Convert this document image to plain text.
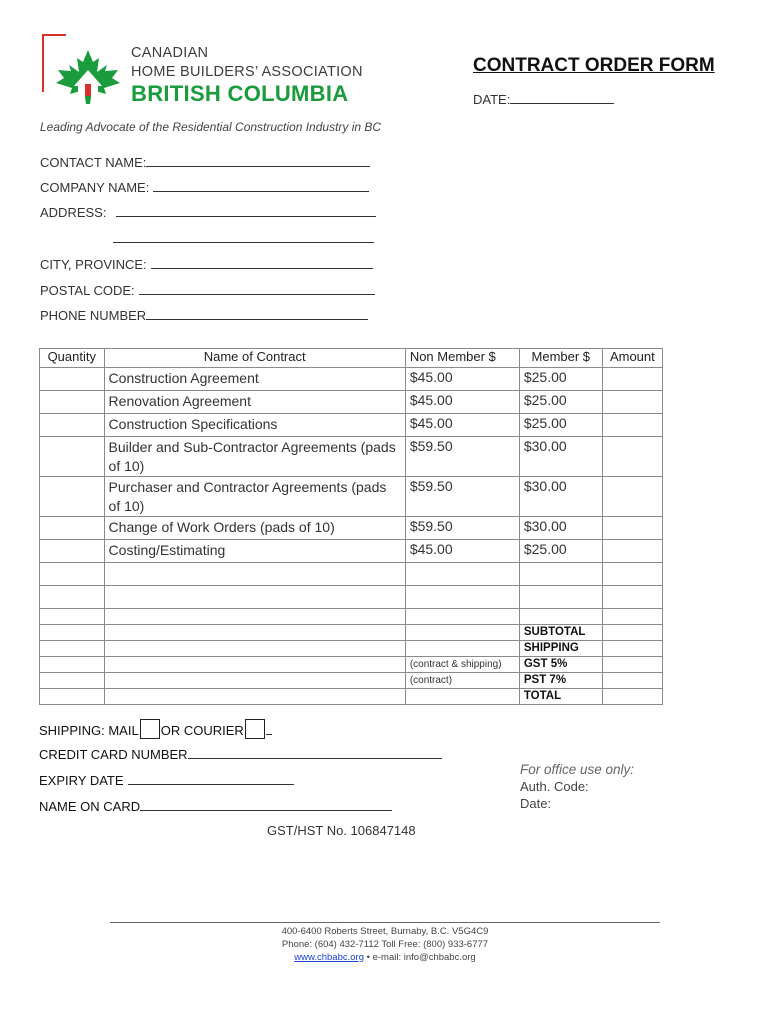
CANADIAN
HOME BUILDERS’ ASSOCIATION
BRITISH COLUMBIA
Leading Advocate of the Residential Construction Industry in BC
CONTRACT ORDER FORM
DATE:
CONTACT NAME:
COMPANY NAME:
ADDRESS:
CITY, PROVINCE:
POSTAL CODE:
PHONE NUMBER
Quantity	Name of Contract	Non Member $	Member $	Amount
	Construction Agreement	$45.00	$25.00	
	Renovation Agreement	$45.00	$25.00	
	Construction Specifications	$45.00	$25.00	
	Builder and Sub-Contractor Agreements (pads of 10)	$59.50	$30.00	
	Purchaser and Contractor Agreements (pads of 10)	$59.50	$30.00	
	Change of Work Orders (pads of 10)	$59.50	$30.00	
	Costing/Estimating	$45.00	$25.00	

			SUBTOTAL	
			SHIPPING	
		(contract & shipping)	GST 5%	
		(contract)	PST 7%	
			TOTAL	
SHIPPING: MAIL OR COURIER
CREDIT CARD NUMBER
EXPIRY DATE
NAME ON CARD
For office use only:
Auth. Code:
Date:
GST/HST No. 106847148
400-6400 Roberts Street, Burnaby, B.C. V5G4C9
Phone: (604) 432-7112 Toll Free: (800) 933-6777
www.chbabc.org • e-mail: info@chbabc.org
